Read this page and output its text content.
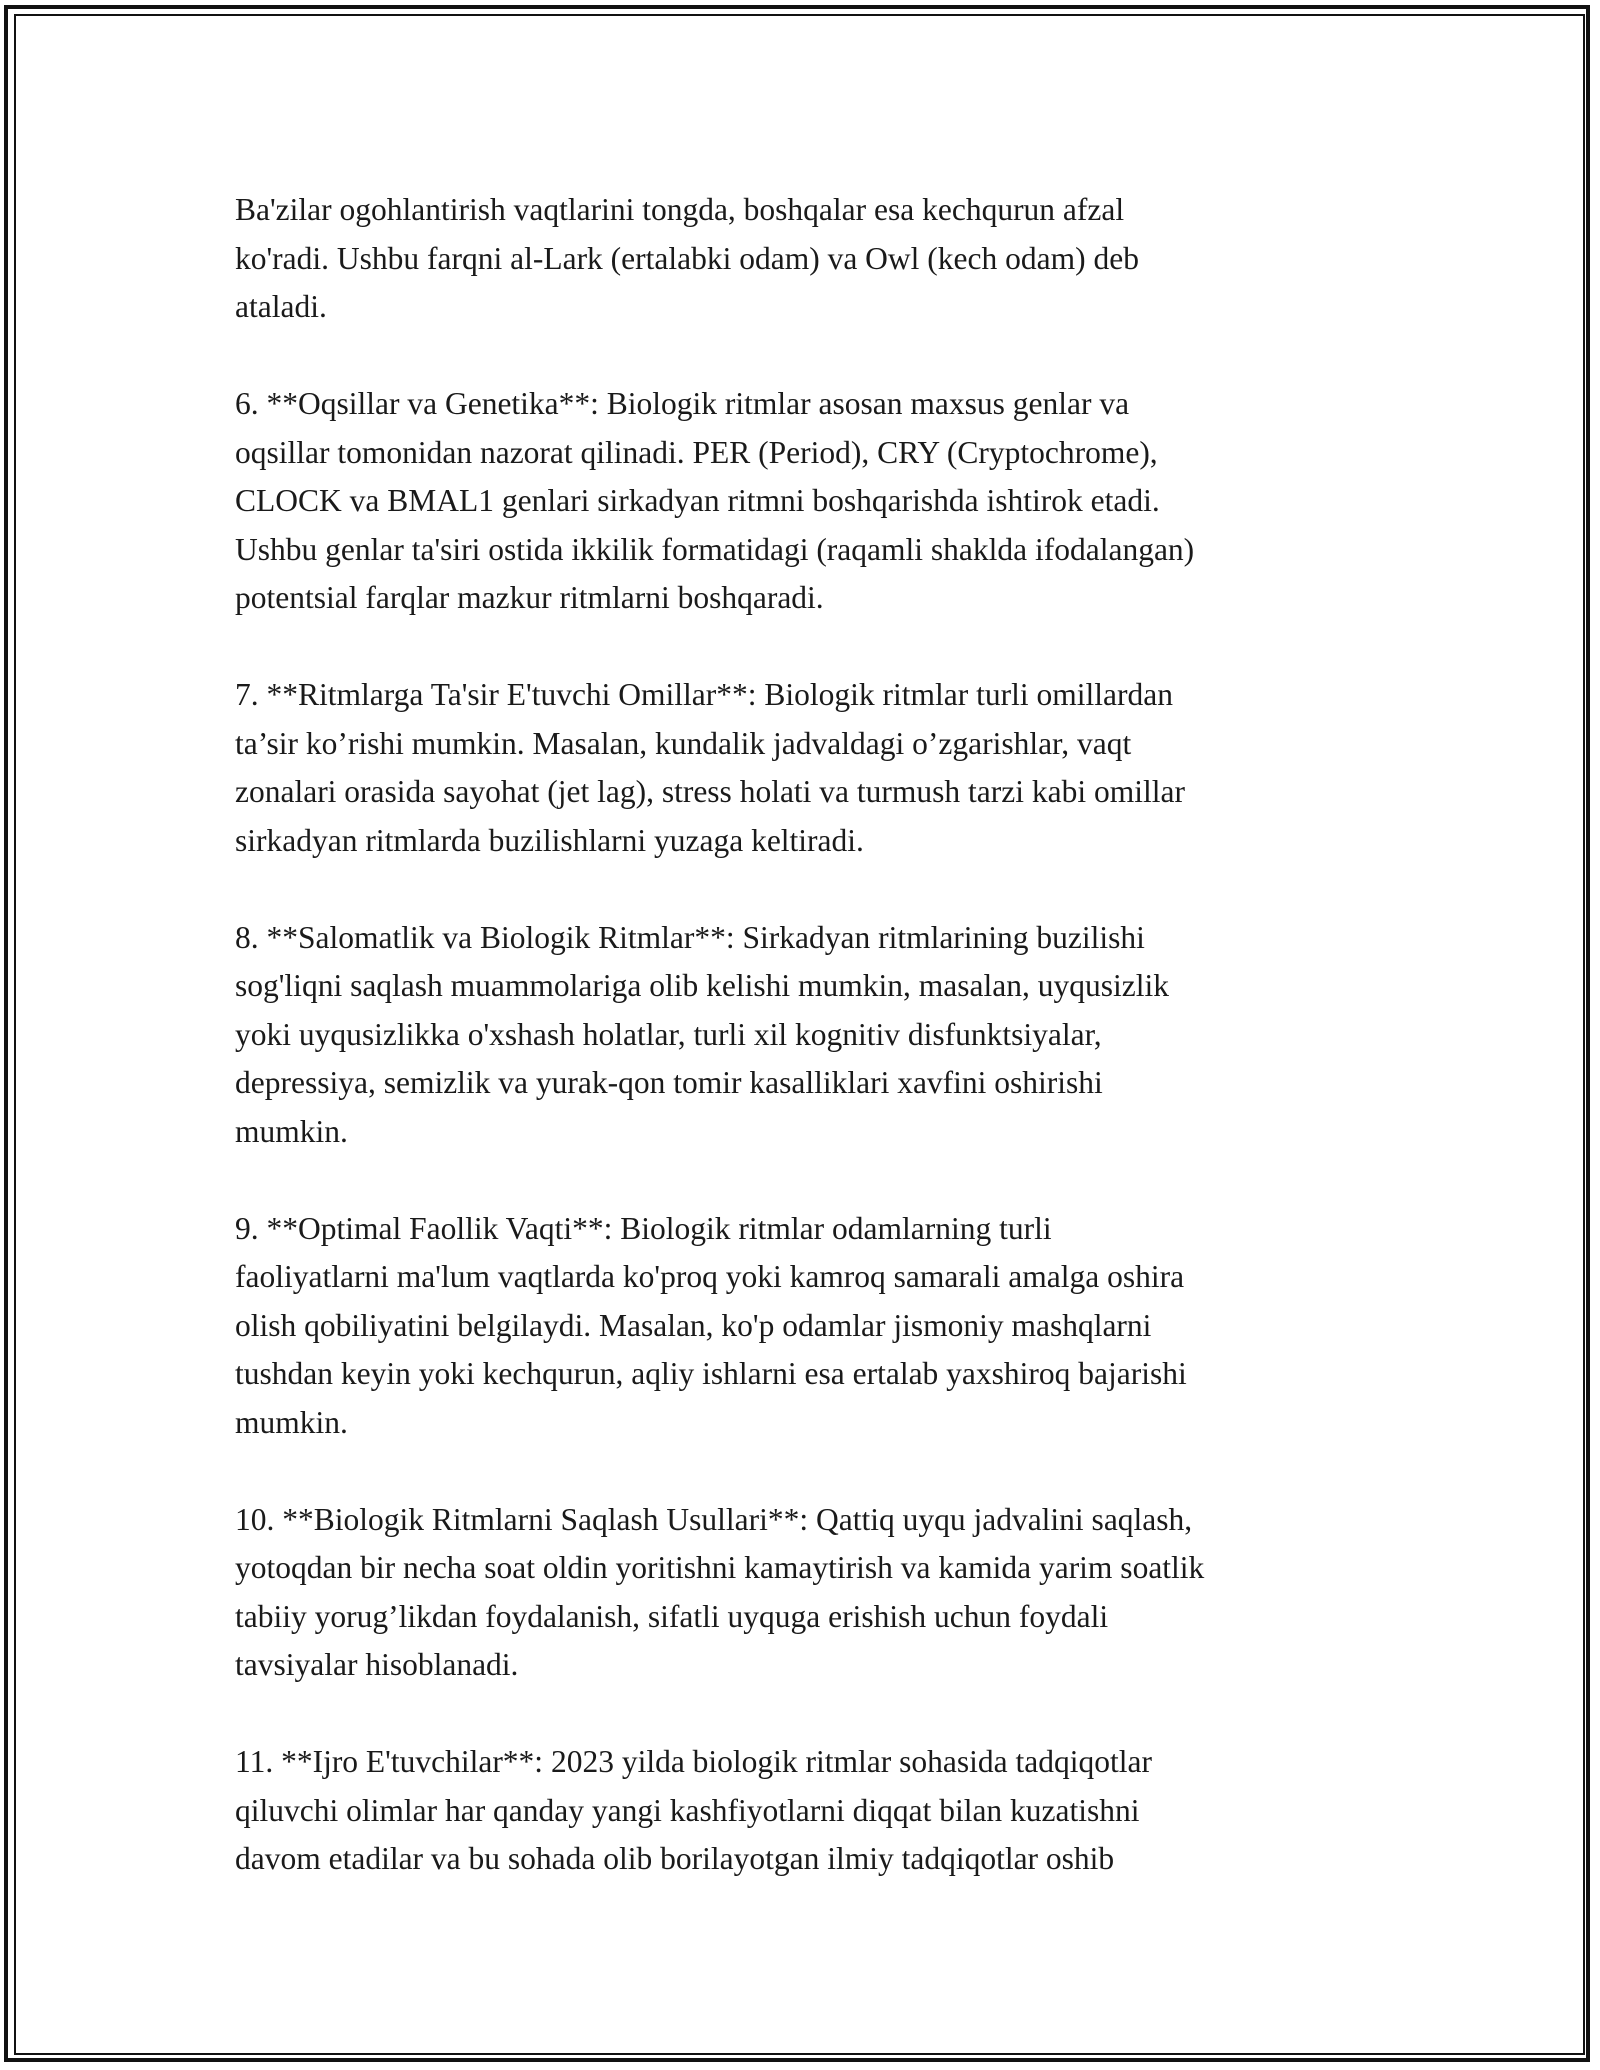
Ba'zilar ogohlantirish vaqtlarini tongda, boshqalar esa kechqurun afzal
ko'radi. Ushbu farqni al-Lark (ertalabki odam) va Owl (kech odam) deb
ataladi.

6. **Oqsillar va Genetika**: Biologik ritmlar asosan maxsus genlar va
oqsillar tomonidan nazorat qilinadi. PER (Period), CRY (Cryptochrome),
CLOCK va BMAL1 genlari sirkadyan ritmni boshqarishda ishtirok etadi.
Ushbu genlar ta'siri ostida ikkilik formatidagi (raqamli shaklda ifodalangan)
potentsial farqlar mazkur ritmlarni boshqaradi.

7. **Ritmlarga Ta'sir E'tuvchi Omillar**: Biologik ritmlar turli omillardan
ta’sir ko’rishi mumkin. Masalan, kundalik jadvaldagi o’zgarishlar, vaqt
zonalari orasida sayohat (jet lag), stress holati va turmush tarzi kabi omillar
sirkadyan ritmlarda buzilishlarni yuzaga keltiradi.

8. **Salomatlik va Biologik Ritmlar**: Sirkadyan ritmlarining buzilishi
sog'liqni saqlash muammolariga olib kelishi mumkin, masalan, uyqusizlik
yoki uyqusizlikka o'xshash holatlar, turli xil kognitiv disfunktsiyalar,
depressiya, semizlik va yurak-qon tomir kasalliklari xavfini oshirishi
mumkin.

9. **Optimal Faollik Vaqti**: Biologik ritmlar odamlarning turli
faoliyatlarni ma'lum vaqtlarda ko'proq yoki kamroq samarali amalga oshira
olish qobiliyatini belgilaydi. Masalan, ko'p odamlar jismoniy mashqlarni
tushdan keyin yoki kechqurun, aqliy ishlarni esa ertalab yaxshiroq bajarishi
mumkin.

10. **Biologik Ritmlarni Saqlash Usullari**: Qattiq uyqu jadvalini saqlash,
yotoqdan bir necha soat oldin yoritishni kamaytirish va kamida yarim soatlik
tabiiy yorug’likdan foydalanish, sifatli uyquga erishish uchun foydali
tavsiyalar hisoblanadi.

11. **Ijro E'tuvchilar**: 2023 yilda biologik ritmlar sohasida tadqiqotlar
qiluvchi olimlar har qanday yangi kashfiyotlarni diqqat bilan kuzatishni
davom etadilar va bu sohada olib borilayotgan ilmiy tadqiqotlar oshib
